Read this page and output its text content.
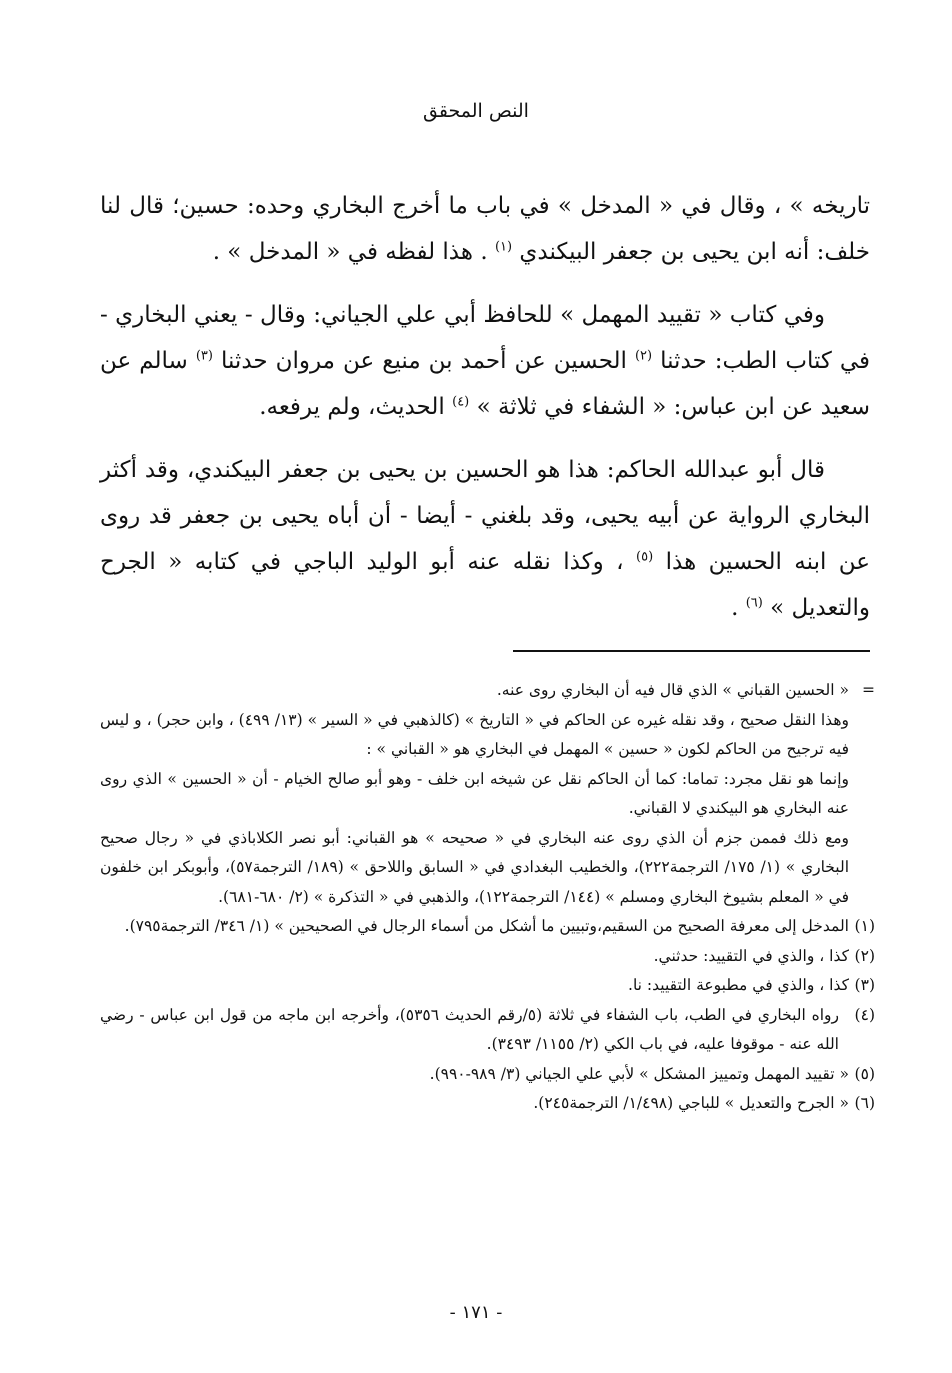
النص المحقق

تاريخه » ، وقال في « المدخل » في باب ما أخرج البخاري وحده: حسين؛ قال لنا خلف: أنه ابن يحيى بن جعفر البيكندي $^{(١)}$ . هذا لفظه في « المدخل » .

وفي كتاب « تقييد المهمل » للحافظ أبي علي الجياني: وقال - يعني البخاري - في كتاب الطب: حدثنا $^{(٢)}$ الحسين عن أحمد بن منيع عن مروان حدثنا $^{(٣)}$ سالم عن سعيد عن ابن عباس: « الشفاء في ثلاثة » $^{(٤)}$ الحديث، ولم يرفعه.

قال أبو عبدالله الحاكم: هذا هو الحسين بن يحيى بن جعفر البيكندي، وقد أكثر البخاري الرواية عن أبيه يحيى، وقد بلغني - أيضا - أن أباه يحيى بن جعفر قد روى عن ابنه الحسين هذا $^{(٥)}$ ، وكذا نقله عنه أبو الوليد الباجي في كتابه « الجرح والتعديل » $^{(٦)}$ .

=
« الحسين القباني » الذي قال فيه أن البخاري روى عنه.
وهذا النقل صحيح ، وقد نقله غيره عن الحاكم في « التاريخ » (كالذهبي في « السير » (١٣/ ٤٩٩) ، وابن حجر) ، و ليس فيه ترجيح من الحاكم لكون « حسين » المهمل في البخاري هو « القباني » :
وإنما هو نقل مجرد: تماما: كما أن الحاكم نقل عن شيخه ابن خلف - وهو أبو صالح الخيام - أن « الحسين » الذي روى عنه البخاري هو البيكندي لا القباني.
ومع ذلك فممن جزم أن الذي روى عنه البخاري في « صحيحه » هو القباني: أبو نصر الكلاباذي في « رجال صحيح البخاري » (١/ ١٧٥/ الترجمة٢٢٢)، والخطيب البغدادي في « السابق واللاحق » (١٨٩/ الترجمة٥٧)، وأبوبكر ابن خلفون في « المعلم بشيوخ البخاري ومسلم » (١٤٤/ الترجمة١٢٢)، والذهبي في « التذكرة » (٢/ ٦٨٠-٦٨١).
(١)
المدخل إلى معرفة الصحيح من السقيم،وتبيين ما أشكل من أسماء الرجال في الصحيحين » (١/ ٣٤٦/ الترجمة٧٩٥).
(٢)
كذا ، والذي في التقييد: حدثني.
(٣)
كذا ، والذي في مطبوعة التقييد: نا.
(٤)
رواه البخاري في الطب، باب الشفاء في ثلاثة (٥/رقم الحديث ٥٣٥٦)، وأخرجه ابن ماجه من قول ابن عباس - رضي الله عنه - موقوفا عليه، في باب الكي (٢/ ١١٥٥/ ٣٤٩٣).
(٥)
« تقييد المهمل وتمييز المشكل » لأبي علي الجياني (٣/ ٩٨٩-٩٩٠).
(٦)
« الجرح والتعديل » للباجي (١/٤٩٨/ الترجمة٢٤٥).
- ١٧١ -
